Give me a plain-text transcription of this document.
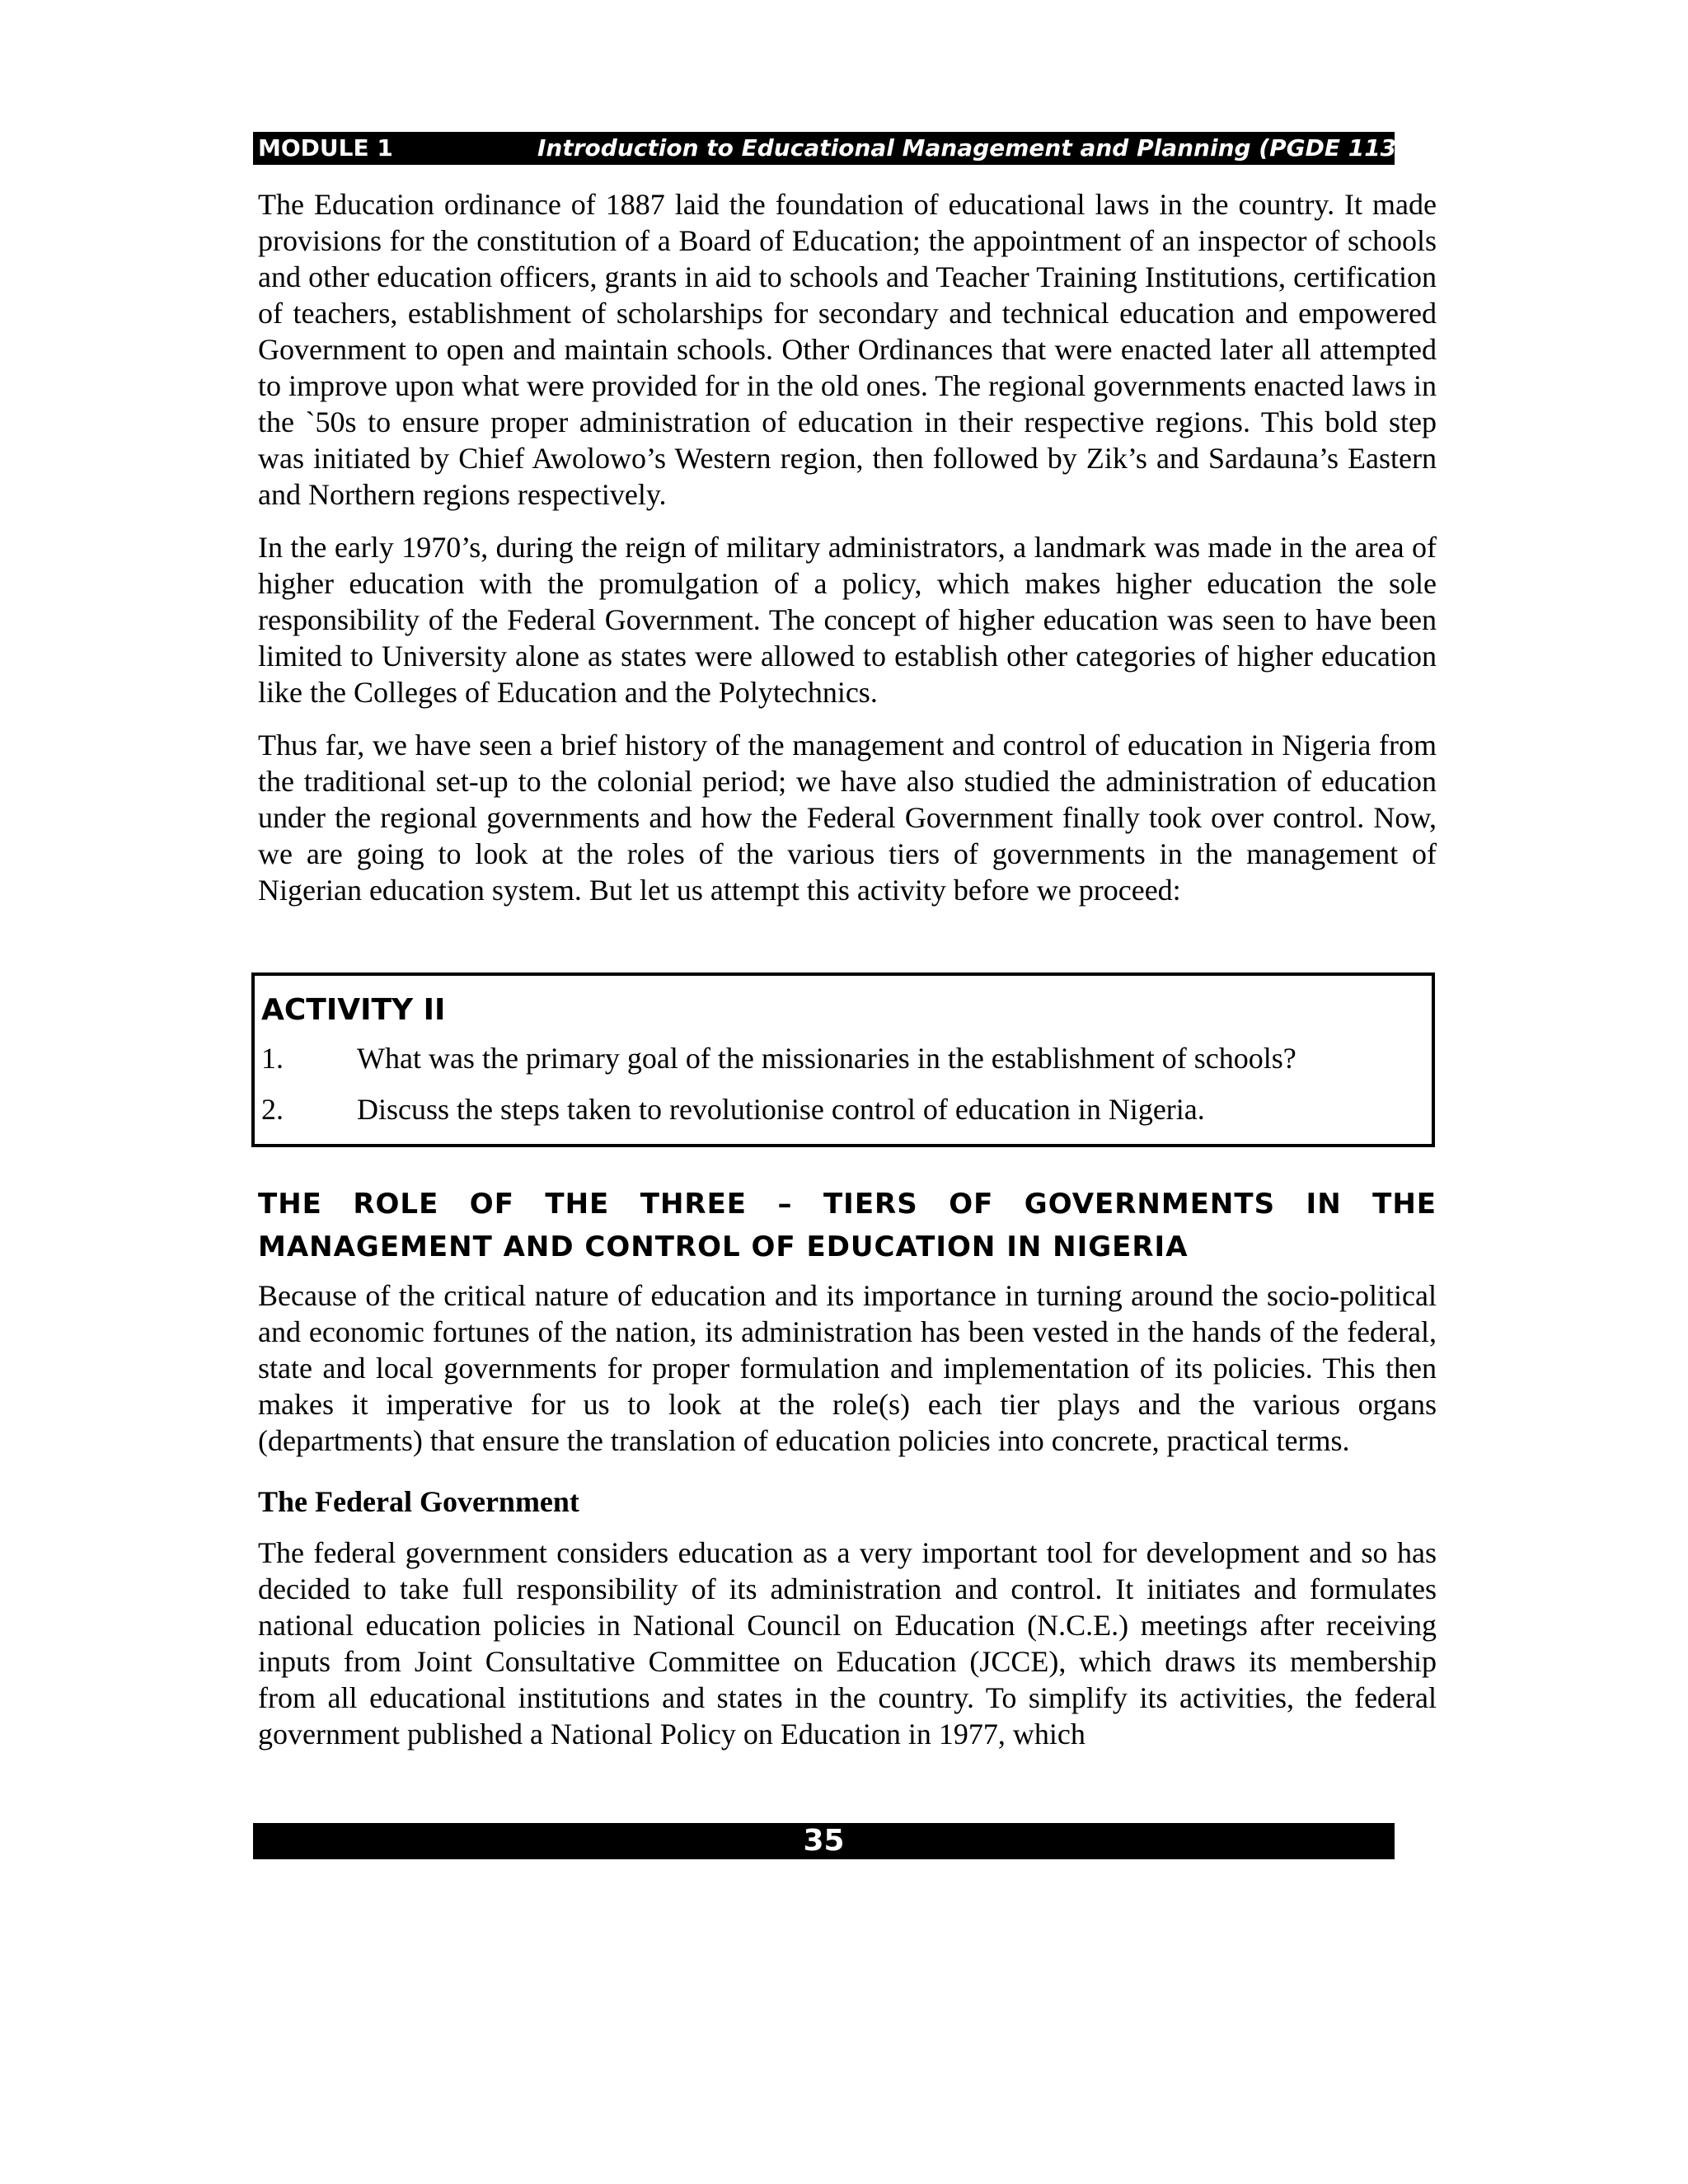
MODULE 1	Introduction to Educational Management and Planning (PGDE 113)

The Education ordinance of 1887 laid the foundation of educational laws in the country. It made provisions for the constitution of a Board of Education; the appointment of an inspector of schools and other education officers, grants in aid to schools and Teacher Training Institutions, certification of teachers, establishment of scholarships for secondary and technical education and empowered Government to open and maintain schools. Other Ordinances that were enacted later all attempted to improve upon what were provided for in the old ones. The regional governments enacted laws in the `50s to ensure proper administration of education in their respective regions. This bold step was initiated by Chief Awolowo’s Western region, then followed by Zik’s and Sardauna’s Eastern and Northern regions respectively.

In the early 1970’s, during the reign of military administrators, a landmark was made in the area of higher education with the promulgation of a policy, which makes higher education the sole responsibility of the Federal Government. The concept of higher education was seen to have been limited to University alone as states were allowed to establish other categories of higher education like the Colleges of Education and the Polytechnics.

Thus far, we have seen a brief history of the management and control of education in Nigeria from the traditional set-up to the colonial period; we have also studied the administration of education under the regional governments and how the Federal Government finally took over control. Now, we are going to look at the roles of the various tiers of governments in the management of Nigerian education system. But let us attempt this activity before we proceed:

ACTIVITY II
1. What was the primary goal of the missionaries in the establishment of schools?
2. Discuss the steps taken to revolutionise control of education in Nigeria.
THE ROLE OF THE THREE – TIERS OF GOVERNMENTS IN THE MANAGEMENT AND CONTROL OF EDUCATION IN NIGERIA

Because of the critical nature of education and its importance in turning around the socio-political and economic fortunes of the nation, its administration has been vested in the hands of the federal, state and local governments for proper formulation and implementation of its policies. This then makes it imperative for us to look at the role(s) each tier plays and the various organs (departments) that ensure the translation of education policies into concrete, practical terms.

The Federal Government

The federal government considers education as a very important tool for development and so has decided to take full responsibility of its administration and control. It initiates and formulates national education policies in National Council on Education (N.C.E.) meetings after receiving inputs from Joint Consultative Committee on Education (JCCE), which draws its membership from all educational institutions and states in the country. To simplify its activities, the federal government published a National Policy on Education in 1977, which

35
